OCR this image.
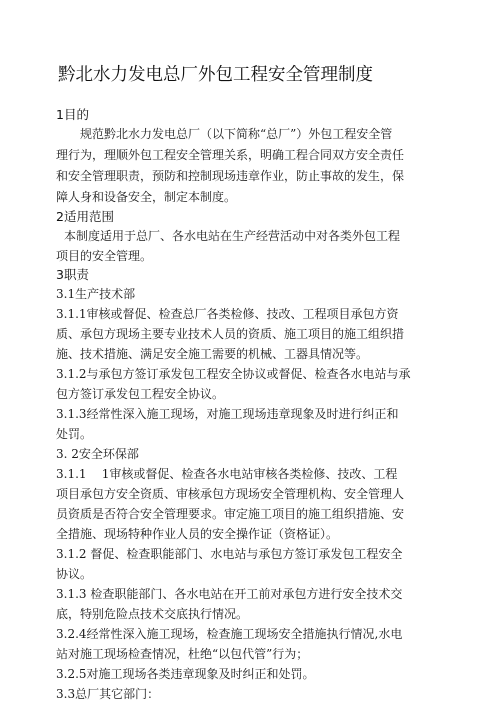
黔北水力发电总厂外包工程安全管理制度
1目的
规范黔北水力发电总厂（以下简称“总厂”）外包工程安全管
理行为，理顺外包工程安全管理关系，明确工程合同双方安全责任
和安全管理职责，预防和控制现场违章作业，防止事故的发生，保
障人身和设备安全，制定本制度。
2适用范围
本制度适用于总厂、各水电站在生产经营活动中对各类外包工程
项目的安全管理。
3职责
3.1生产技术部
3.1.1审核或督促、检查总厂各类检修、技改、工程项目承包方资
质、承包方现场主要专业技术人员的资质、施工项目的施工组织措
施、技术措施、满足安全施工需要的机械、工器具情况等。
3.1.2与承包方签订承发包工程安全协议或督促、检查各水电站与承
包方签订承发包工程安全协议。
3.1.3经常性深入施工现场，对施工现场违章现象及时进行纠正和
处罚。
3. 2安全环保部
3.1.1    1审核或督促、检查各水电站审核各类检修、技改、工程
项目承包方安全资质、审核承包方现场安全管理机构、安全管理人
员资质是否符合安全管理要求。审定施工项目的施工组织措施、安
全措施、现场特种作业人员的安全操作证（资格证）。
3.1.2 督促、检查职能部门、水电站与承包方签订承发包工程安全
协议。
3.1.3 检查职能部门、各水电站在开工前对承包方进行安全技术交
底，特别危险点技术交底执行情况。
3.2.4经常性深入施工现场，检查施工现场安全措施执行情况,水电
站对施工现场检查情况，杜绝“以包代管”行为；
3.2.5对施工现场各类违章现象及时纠正和处罚。
3.3总厂其它部门：
